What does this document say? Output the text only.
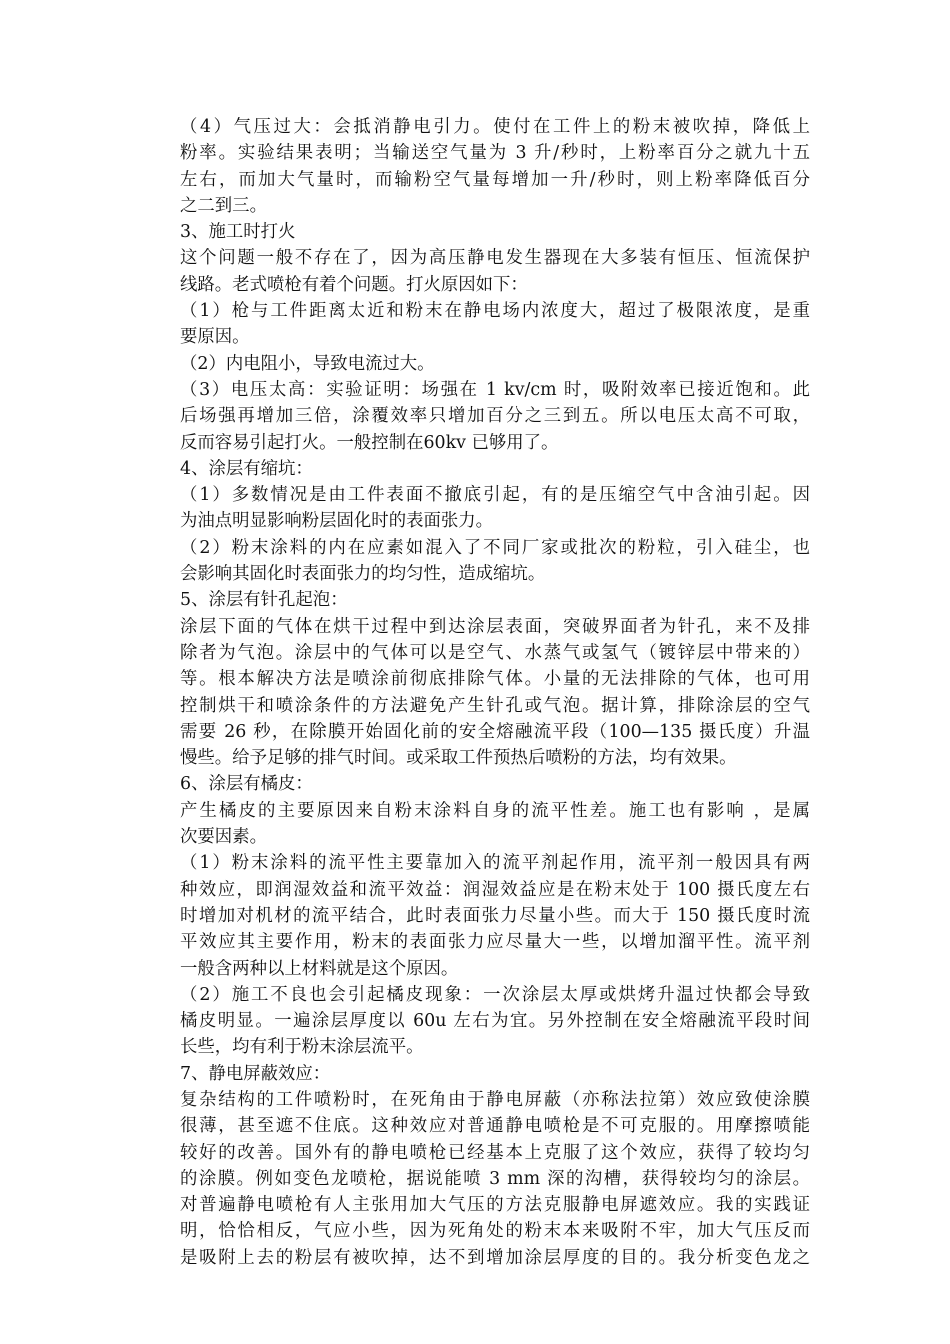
（4）气压过大：会抵消静电引力。使付在工件上的粉末被吹掉，降低上
粉率。实验结果表明；当输送空气量为 3 升/秒时，上粉率百分之就九十五
左右，而加大气量时，而输粉空气量每增加一升/秒时，则上粉率降低百分
之二到三。
3、施工时打火
这个问题一般不存在了，因为高压静电发生器现在大多装有恒压、恒流保护
线路。老式喷枪有着个问题。打火原因如下：
（1）枪与工件距离太近和粉末在静电场内浓度大，超过了极限浓度，是重
要原因。
（2）内电阻小，导致电流过大。
（3）电压太高：实验证明：场强在 1 kv/cm 时，吸附效率已接近饱和。此
后场强再增加三倍，涂覆效率只增加百分之三到五。所以电压太高不可取，
反而容易引起打火。一般控制在60kv 已够用了。
4、涂层有缩坑：
（1）多数情况是由工件表面不撤底引起，有的是压缩空气中含油引起。因
为油点明显影响粉层固化时的表面张力。
（2）粉末涂料的内在应素如混入了不同厂家或批次的粉粒，引入硅尘，也
会影响其固化时表面张力的均匀性，造成缩坑。
5、涂层有针孔起泡：
涂层下面的气体在烘干过程中到达涂层表面，突破界面者为针孔，来不及排
除者为气泡。涂层中的气体可以是空气、水蒸气或氢气（镀锌层中带来的）
等。根本解决方法是喷涂前彻底排除气体。小量的无法排除的气体，也可用
控制烘干和喷涂条件的方法避免产生针孔或气泡。据计算，排除涂层的空气
需要 26 秒，在除膜开始固化前的安全熔融流平段（100—135 摄氏度）升温
慢些。给予足够的排气时间。或采取工件预热后喷粉的方法，均有效果。
6、涂层有橘皮：
产生橘皮的主要原因来自粉末涂料自身的流平性差。施工也有影响 ，是属
次要因素。
（1）粉末涂料的流平性主要靠加入的流平剂起作用，流平剂一般因具有两
种效应，即润湿效益和流平效益：润湿效益应是在粉末处于 100 摄氏度左右
时增加对机材的流平结合，此时表面张力尽量小些。而大于 150 摄氏度时流
平效应其主要作用，粉末的表面张力应尽量大一些，以增加溜平性。流平剂
一般含两种以上材料就是这个原因。
（2）施工不良也会引起橘皮现象：一次涂层太厚或烘烤升温过快都会导致
橘皮明显。一遍涂层厚度以 60u 左右为宜。另外控制在安全熔融流平段时间
长些，均有利于粉末涂层流平。
7、静电屏蔽效应：
复杂结构的工件喷粉时，在死角由于静电屏蔽（亦称法拉第）效应致使涂膜
很薄，甚至遮不住底。这种效应对普通静电喷枪是不可克服的。用摩擦喷能
较好的改善。国外有的静电喷枪已经基本上克服了这个效应，获得了较均匀
的涂膜。例如变色龙喷枪，据说能喷 3 mm 深的沟槽，获得较均匀的涂层。
对普遍静电喷枪有人主张用加大气压的方法克服静电屏遮效应。我的实践证
明，恰恰相反，气应小些，因为死角处的粉末本来吸附不牢，加大气压反而
是吸附上去的粉层有被吹掉，达不到增加涂层厚度的目的。我分析变色龙之
